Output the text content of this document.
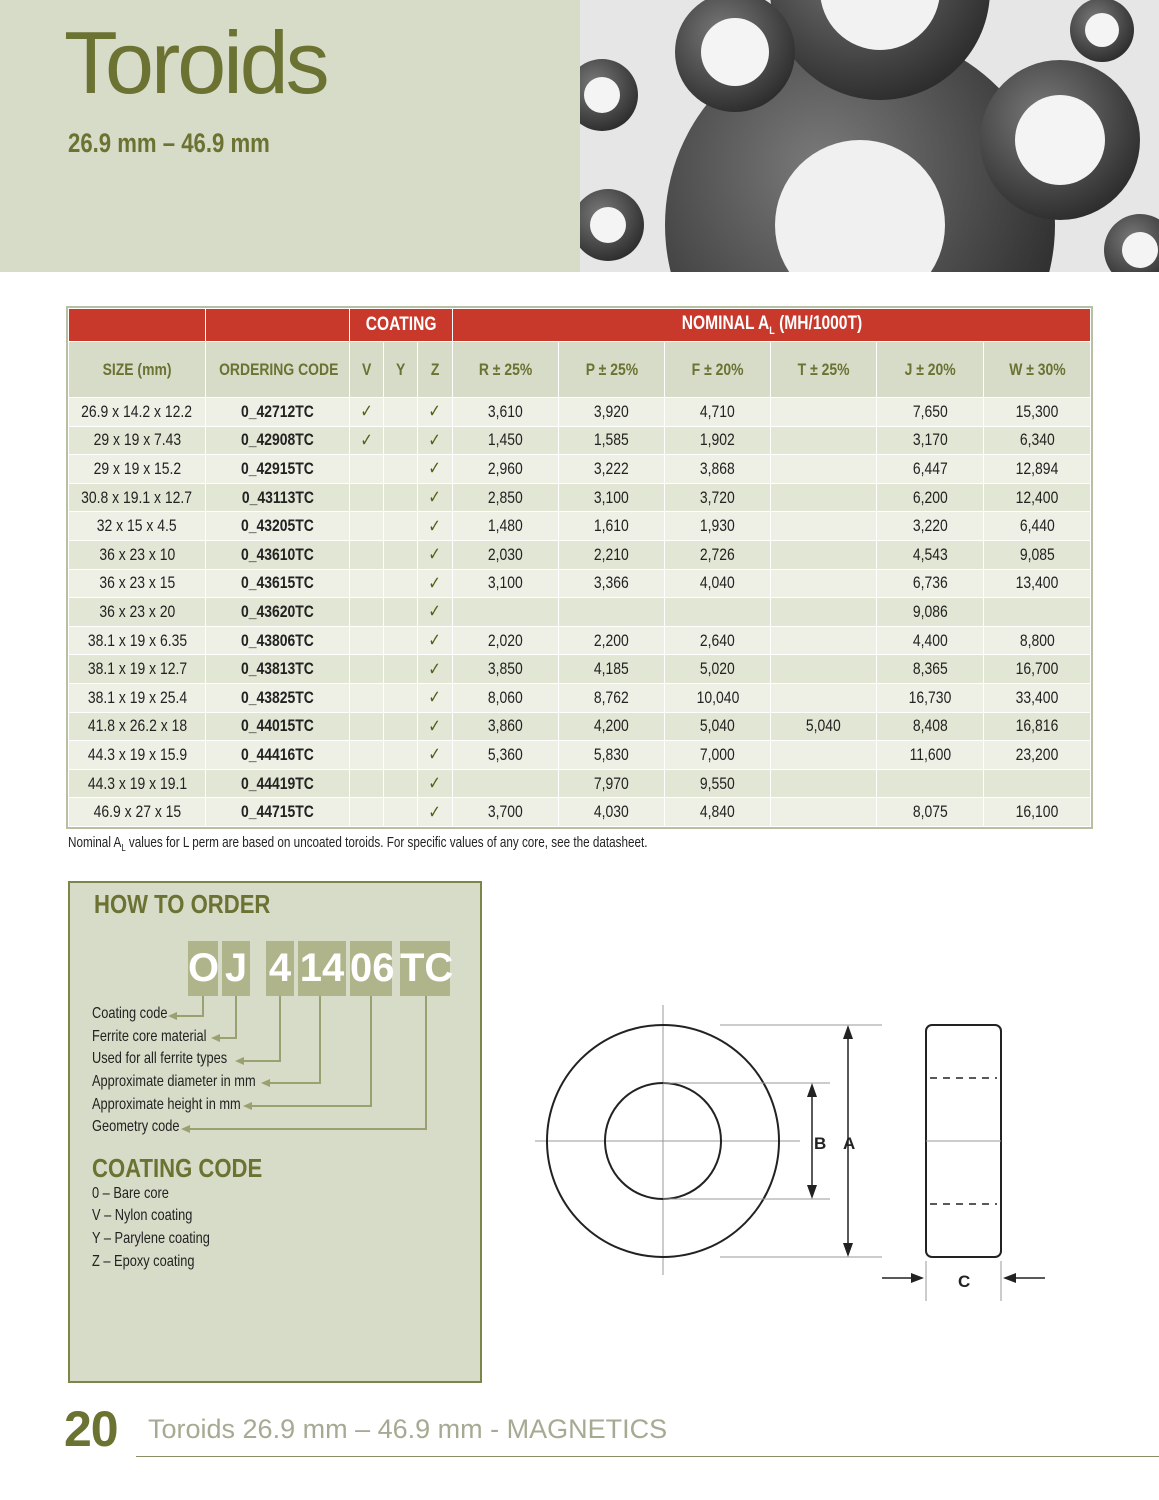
Toroids
26.9 mm – 46.9 mm
		COATING			NOMINAL $A_L$ (MH/1000T)					
SIZE (mm)	ORDERING CODE	V	Y	Z	R ± 25%	P ± 25%	F ± 20%	T ± 25%	J ± 20%	W ± 30%
26.9 x 14.2 x 12.2	0_42712TC	✓		✓	3,610	3,920	4,710		7,650	15,300
29 x 19 x 7.43	0_42908TC	✓		✓	1,450	1,585	1,902		3,170	6,340
29 x 19 x 15.2	0_42915TC			✓	2,960	3,222	3,868		6,447	12,894
30.8 x 19.1 x 12.7	0_43113TC			✓	2,850	3,100	3,720		6,200	12,400
32 x 15 x 4.5	0_43205TC			✓	1,480	1,610	1,930		3,220	6,440
36 x 23 x 10	0_43610TC			✓	2,030	2,210	2,726		4,543	9,085
36 x 23 x 15	0_43615TC			✓	3,100	3,366	4,040		6,736	13,400
36 x 23 x 20	0_43620TC			✓					9,086	
38.1 x 19 x 6.35	0_43806TC			✓	2,020	2,200	2,640		4,400	8,800
38.1 x 19 x 12.7	0_43813TC			✓	3,850	4,185	5,020		8,365	16,700
38.1 x 19 x 25.4	0_43825TC			✓	8,060	8,762	10,040		16,730	33,400
41.8 x 26.2 x 18	0_44015TC			✓	3,860	4,200	5,040	5,040	8,408	16,816
44.3 x 19 x 15.9	0_44416TC			✓	5,360	5,830	7,000		11,600	23,200
44.3 x 19 x 19.1	0_44419TC			✓		7,970	9,550			
46.9 x 27 x 15	0_44715TC			✓	3,700	4,030	4,840		8,075	16,100
Nominal $A_L$ values for L perm are based on uncoated toroids. For specific values of any core, see the datasheet.
HOW TO ORDER
O J 4 14 06 TC
Coating code
Ferrite core material
Used for all ferrite types
Approximate diameter in mm
Approximate height in mm
Geometry code
COATING CODE
0 – Bare core
V – Nylon coating
Y – Parylene coating
Z – Epoxy coating
B A
C
20 Toroids 26.9 mm – 46.9 mm - MAGNETICS
